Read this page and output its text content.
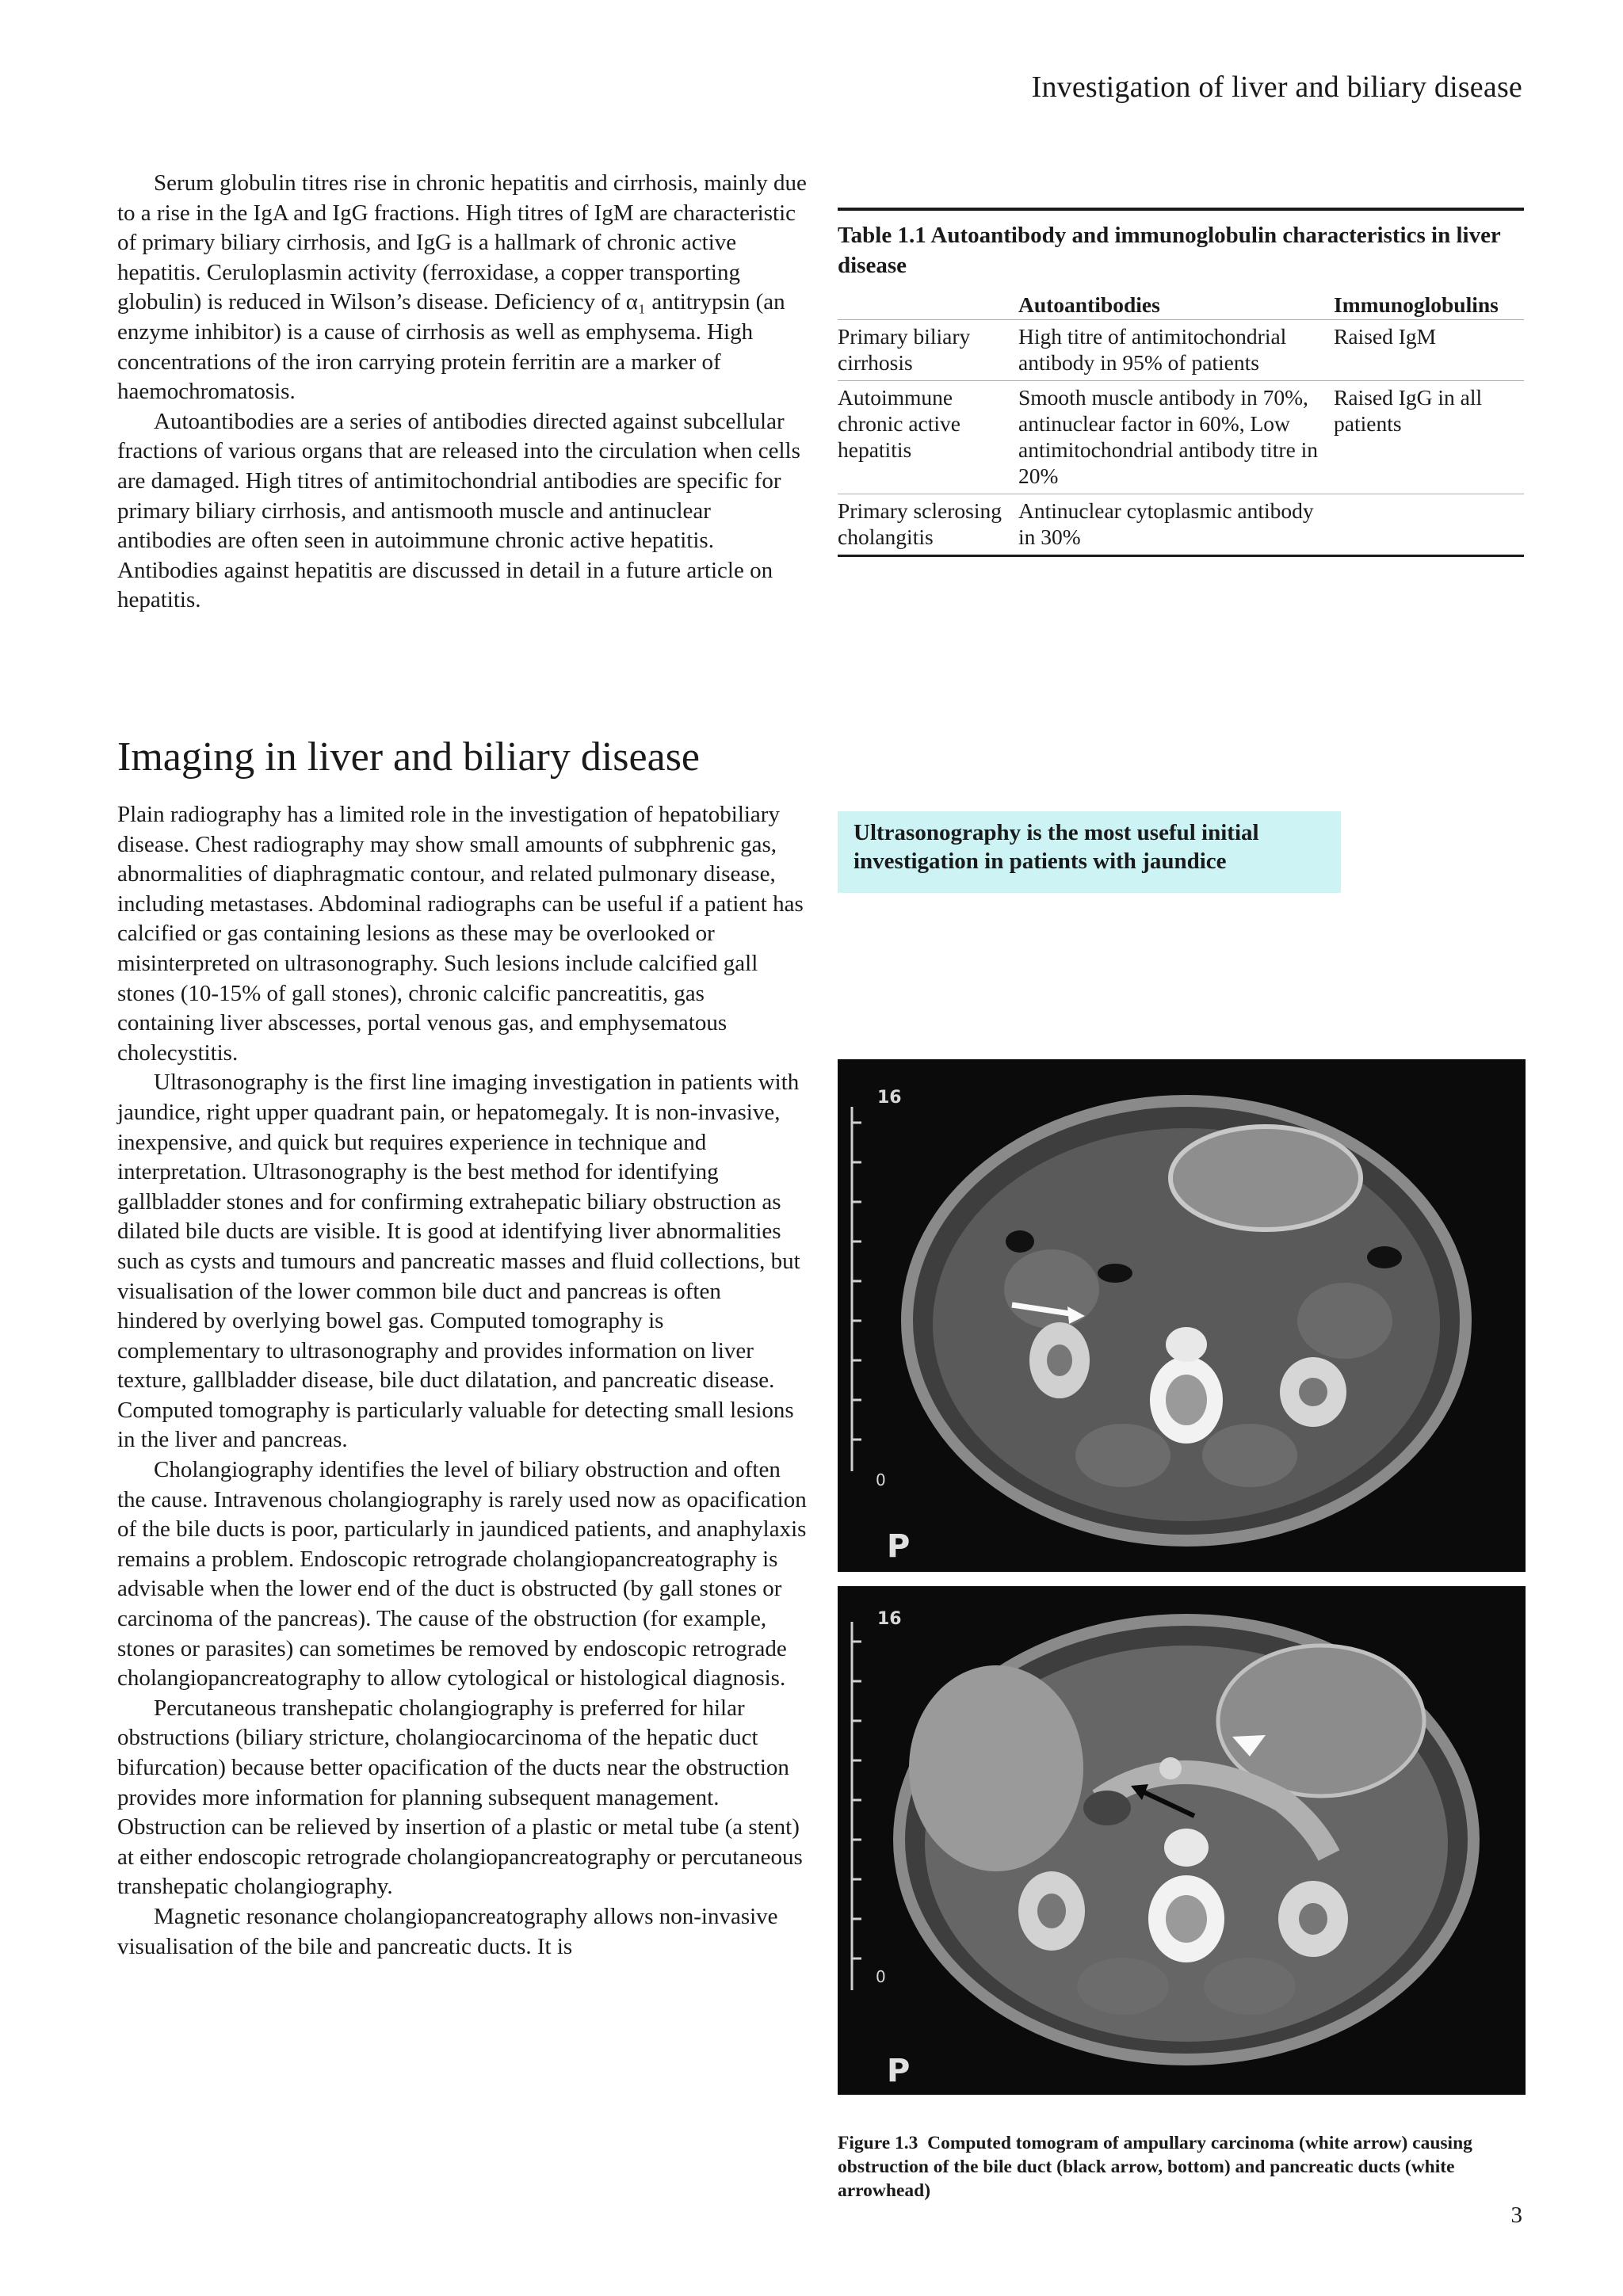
Investigation of liver and biliary disease

Serum globulin titres rise in chronic hepatitis and cirrhosis, mainly due to a rise in the IgA and IgG fractions. High titres of IgM are characteristic of primary biliary cirrhosis, and IgG is a hallmark of chronic active hepatitis. Ceruloplasmin activity (ferroxidase, a copper transporting globulin) is reduced in Wilson’s disease. Deficiency of α₁ antitrypsin (an enzyme inhibitor) is a cause of cirrhosis as well as emphysema. High concentrations of the iron carrying protein ferritin are a marker of haemochromatosis.

Autoantibodies are a series of antibodies directed against subcellular fractions of various organs that are released into the circulation when cells are damaged. High titres of antimitochondrial antibodies are specific for primary biliary cirrhosis, and antismooth muscle and antinuclear antibodies are often seen in autoimmune chronic active hepatitis. Antibodies against hepatitis are discussed in detail in a future article on hepatitis.

Imaging in liver and biliary disease

Plain radiography has a limited role in the investigation of hepatobiliary disease. Chest radiography may show small amounts of subphrenic gas, abnormalities of diaphragmatic contour, and related pulmonary disease, including metastases. Abdominal radiographs can be useful if a patient has calcified or gas containing lesions as these may be overlooked or misinterpreted on ultrasonography. Such lesions include calcified gall stones (10-15% of gall stones), chronic calcific pancreatitis, gas containing liver abscesses, portal venous gas, and emphysematous cholecystitis.

Ultrasonography is the first line imaging investigation in patients with jaundice, right upper quadrant pain, or hepatomegaly. It is non-invasive, inexpensive, and quick but requires experience in technique and interpretation. Ultrasonography is the best method for identifying gallbladder stones and for confirming extrahepatic biliary obstruction as dilated bile ducts are visible. It is good at identifying liver abnormalities such as cysts and tumours and pancreatic masses and fluid collections, but visualisation of the lower common bile duct and pancreas is often hindered by overlying bowel gas. Computed tomography is complementary to ultrasonography and provides information on liver texture, gallbladder disease, bile duct dilatation, and pancreatic disease. Computed tomography is particularly valuable for detecting small lesions in the liver and pancreas.

Cholangiography identifies the level of biliary obstruction and often the cause. Intravenous cholangiography is rarely used now as opacification of the bile ducts is poor, particularly in jaundiced patients, and anaphylaxis remains a problem. Endoscopic retrograde cholangiopancreatography is advisable when the lower end of the duct is obstructed (by gall stones or carcinoma of the pancreas). The cause of the obstruction (for example, stones or parasites) can sometimes be removed by endoscopic retrograde cholangiopancreatography to allow cytological or histological diagnosis.

Percutaneous transhepatic cholangiography is preferred for hilar obstructions (biliary stricture, cholangiocarcinoma of the hepatic duct bifurcation) because better opacification of the ducts near the obstruction provides more information for planning subsequent management. Obstruction can be relieved by insertion of a plastic or metal tube (a stent) at either endoscopic retrograde cholangiopancreatography or percutaneous transhepatic cholangiography.

Magnetic resonance cholangiopancreatography allows non-invasive visualisation of the bile and pancreatic ducts. It is

Table 1.1 Autoantibody and immunoglobulin characteristics in liver disease
	Autoantibodies	Immunoglobulins
Primary biliary cirrhosis	High titre of antimitochondrial antibody in 95% of patients	Raised IgM
Autoimmune chronic active hepatitis	Smooth muscle antibody in 70%, antinuclear factor in 60%, Low antimitochondrial antibody titre in 20%	Raised IgG in all patients
Primary sclerosing cholangitis	Antinuclear cytoplasmic antibody in 30%	
Ultrasonography is the most useful initial investigation in patients with jaundice
16
0
P
16
0
P
Figure 1.3 Computed tomogram of ampullary carcinoma (white arrow) causing obstruction of the bile duct (black arrow, bottom) and pancreatic ducts (white arrowhead)
3
